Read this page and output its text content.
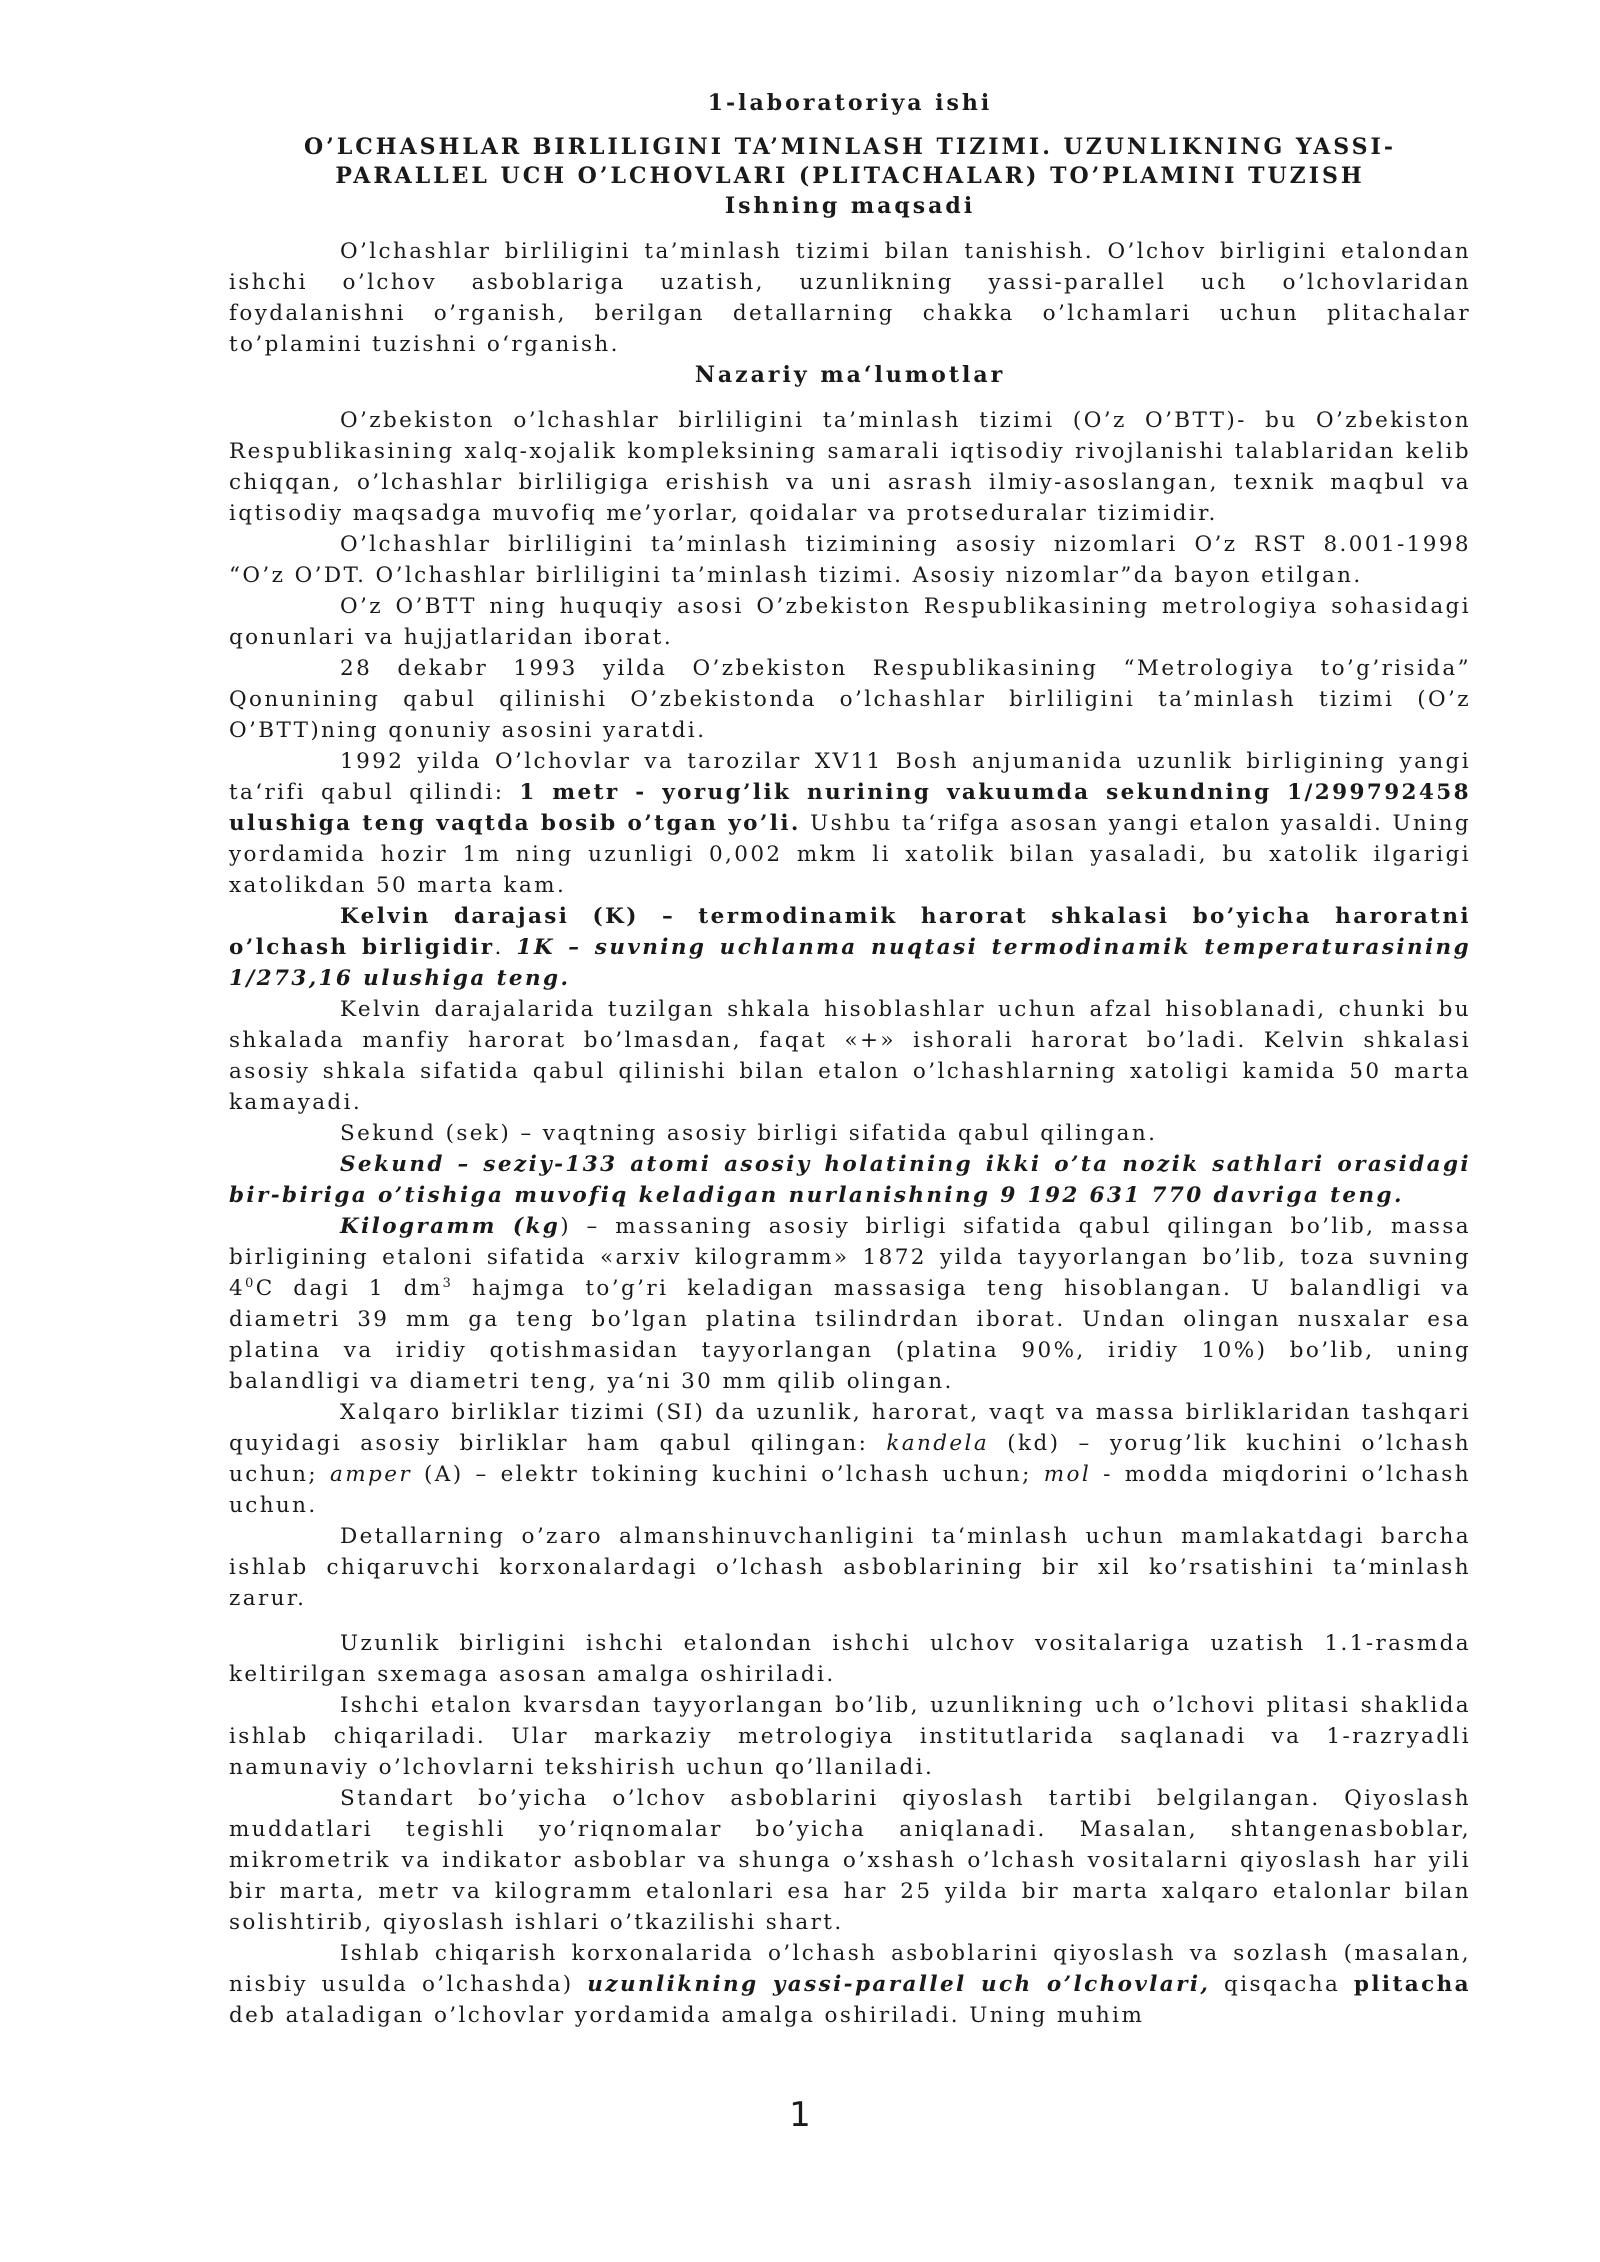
1-laboratoriya ishi
O’LCHASHLAR BIRLILIGINI TA’MINLASH TIZIMI. UZUNLIKNING YASSI-
PARALLEL UCH O’LCHOVLARI (PLITACHALAR) TO’PLAMINI TUZISH
Ishning maqsadi

O’lchashlar birliligini ta’minlash tizimi bilan tanishish. O’lchov birligini etalondan ishchi o’lchov asboblariga uzatish, uzunlikning yassi-parallel uch o’lchovlaridan foydalanishni o’rganish, berilgan detallarning chakka o’lchamlari uchun plitachalar to’plamini tuzishni o‘rganish.

Nazariy ma‘lumotlar

O’zbekiston o’lchashlar birliligini ta’minlash tizimi (O’z O’BTT)- bu O’zbekiston Respublikasining xalq-xojalik kompleksining samarali iqtisodiy rivojlanishi talablaridan kelib chiqqan, o’lchashlar birliligiga erishish va uni asrash ilmiy-asoslangan, texnik maqbul va iqtisodiy maqsadga muvofiq me’yorlar, qoidalar va protseduralar tizimidir.

O’lchashlar birliligini ta’minlash tizimining asosiy nizomlari O’z RST 8.001-1998 “O’z O’DT. O’lchashlar birliligini ta’minlash tizimi. Asosiy nizomlar”da bayon etilgan.

O’z O’BTT ning huquqiy asosi O’zbekiston Respublikasining metrologiya sohasidagi qonunlari va hujjatlaridan iborat.

28 dekabr 1993 yilda O’zbekiston Respublikasining “Metrologiya to’g’risida” Qonunining qabul qilinishi O’zbekistonda o’lchashlar birliligini ta’minlash tizimi (O’z O’BTT)ning qonuniy asosini yaratdi.

1992 yilda O’lchovlar va tarozilar XV11 Bosh anjumanida uzunlik birligining yangi ta‘rifi qabul qilindi: 1 metr - yorug’lik nurining vakuumda sekundning 1/299792458 ulushiga teng vaqtda bosib o’tgan yo’li. Ushbu ta‘rifga asosan yangi etalon yasaldi. Uning yordamida hozir 1m ning uzunligi 0,002 mkm li xatolik bilan yasaladi, bu xatolik ilgarigi xatolikdan 50 marta kam.

Kelvin darajasi (K) – termodinamik harorat shkalasi bo’yicha haroratni o’lchash birligidir. 1K – suvning uchlanma nuqtasi termodinamik temperaturasining 1/273,16 ulushiga teng.

Kelvin darajalarida tuzilgan shkala hisoblashlar uchun afzal hisoblanadi, chunki bu shkalada manfiy harorat bo’lmasdan, faqat «+» ishorali harorat bo’ladi. Kelvin shkalasi asosiy shkala sifatida qabul qilinishi bilan etalon o’lchashlarning xatoligi kamida 50 marta kamayadi.

Sekund (sek) – vaqtning asosiy birligi sifatida qabul qilingan.

Sekund – seziy-133 atomi asosiy holatining ikki o’ta nozik sathlari orasidagi bir-biriga o’tishiga muvofiq keladigan nurlanishning 9 192 631 770 davriga teng.

Kilogramm (kg) – massaning asosiy birligi sifatida qabul qilingan bo’lib, massa birligining etaloni sifatida «arxiv kilogramm» 1872 yilda tayyorlangan bo’lib, toza suvning $4^0C$ dagi 1 $dm^3$ hajmga to’g’ri keladigan massasiga teng hisoblangan. U balandligi va diametri 39 mm ga teng bo’lgan platina tsilindrdan iborat. Undan olingan nusxalar esa platina va iridiy qotishmasidan tayyorlangan (platina 90%, iridiy 10%) bo’lib, uning balandligi va diametri teng, ya‘ni 30 mm qilib olingan.

Xalqaro birliklar tizimi (SI) da uzunlik, harorat, vaqt va massa birliklaridan tashqari quyidagi asosiy birliklar ham qabul qilingan: kandela (kd) – yorug’lik kuchini o’lchash uchun; amper (A) – elektr tokining kuchini o’lchash uchun; mol - modda miqdorini o’lchash uchun.

Detallarning o’zaro almanshinuvchanligini ta‘minlash uchun mamlakatdagi barcha ishlab chiqaruvchi korxonalardagi o’lchash asboblarining bir xil ko’rsatishini ta‘minlash zarur.

Uzunlik birligini ishchi etalondan ishchi ulchov vositalariga uzatish 1.1-rasmda keltirilgan sxemaga asosan amalga oshiriladi.

Ishchi etalon kvarsdan tayyorlangan bo’lib, uzunlikning uch o’lchovi plitasi shaklida ishlab chiqariladi. Ular markaziy metrologiya institutlarida saqlanadi va 1-razryadli namunaviy o’lchovlarni tekshirish uchun qo’llaniladi.

Standart bo’yicha o’lchov asboblarini qiyoslash tartibi belgilangan. Qiyoslash muddatlari tegishli yo’riqnomalar bo’yicha aniqlanadi. Masalan, shtangenasboblar, mikrometrik va indikator asboblar va shunga o’xshash o’lchash vositalarni qiyoslash har yili bir marta, metr va kilogramm etalonlari esa har 25 yilda bir marta xalqaro etalonlar bilan solishtirib, qiyoslash ishlari o’tkazilishi shart.

Ishlab chiqarish korxonalarida o’lchash asboblarini qiyoslash va sozlash (masalan, nisbiy usulda o’lchashda) uzunlikning yassi-parallel uch o’lchovlari, qisqacha plitacha deb ataladigan o’lchovlar yordamida amalga oshiriladi. Uning muhim

1
